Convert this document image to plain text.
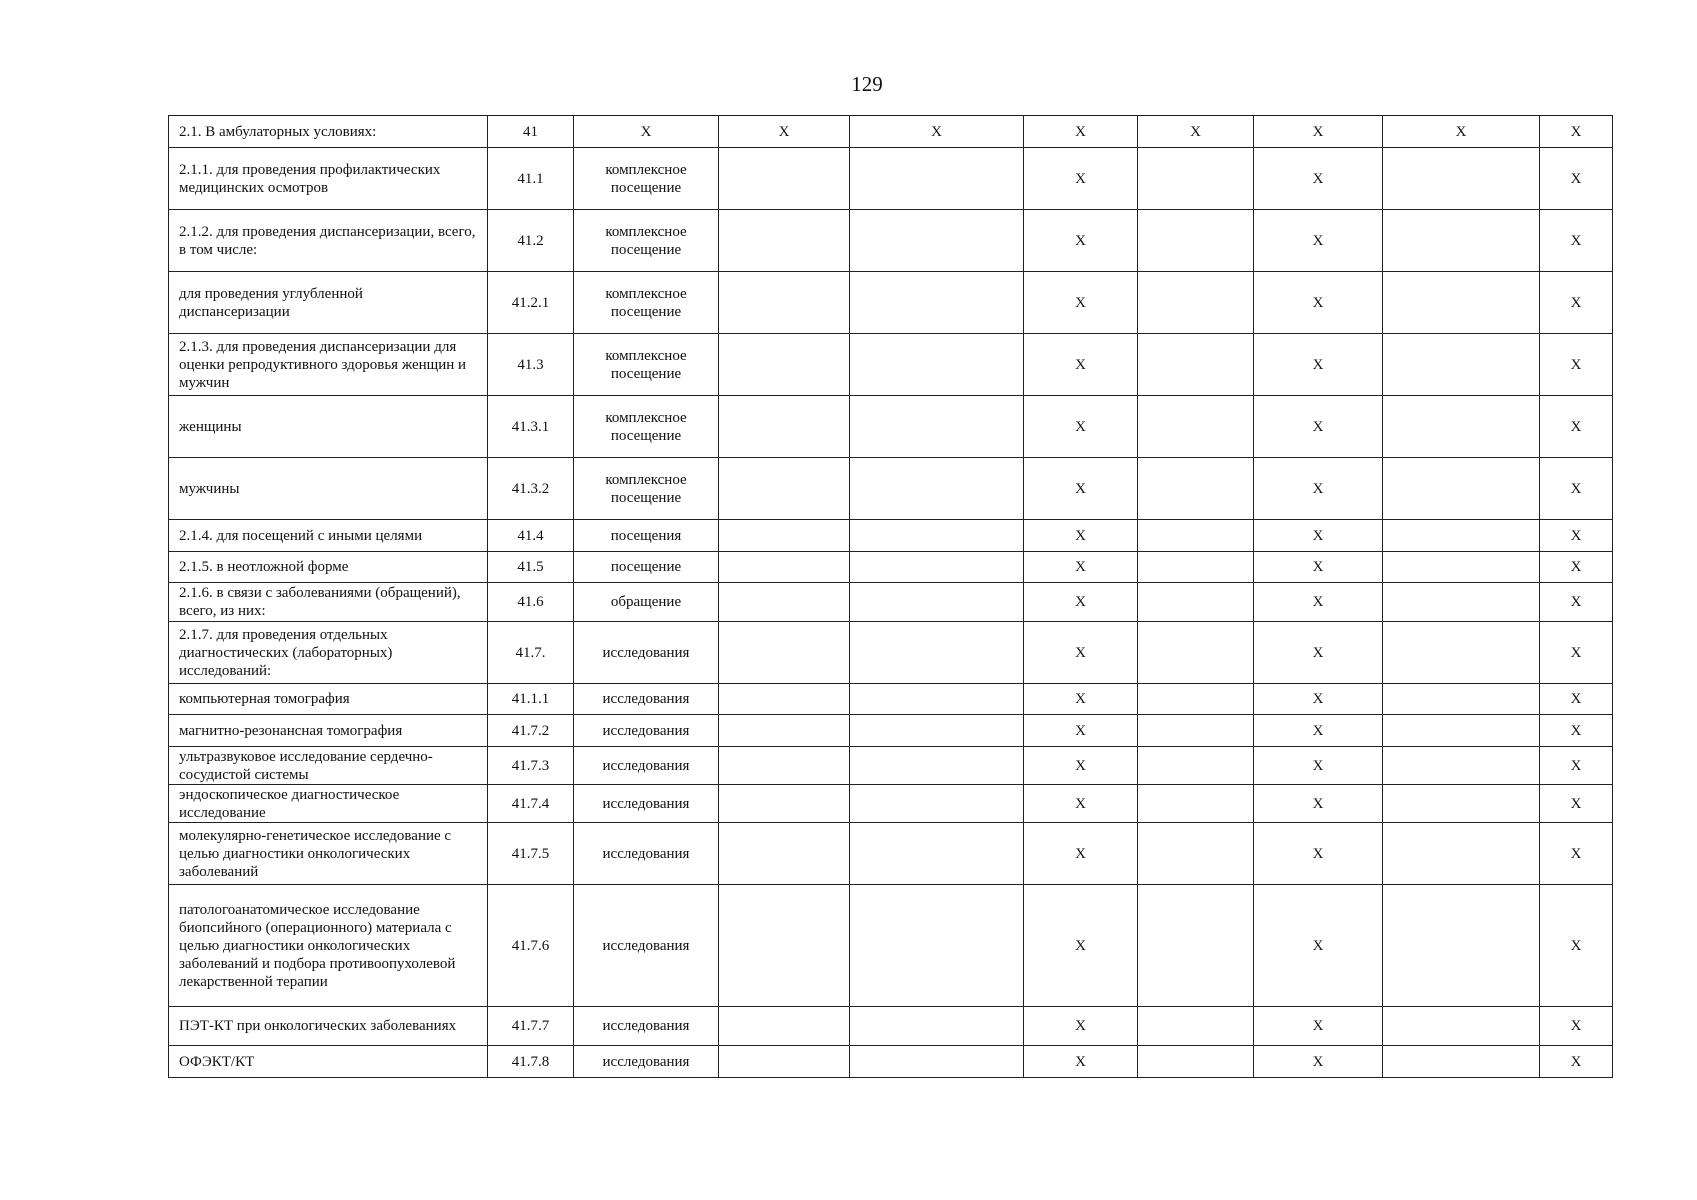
129
2.1. В амбулаторных условиях:	41	Х	Х	Х	Х	Х	Х	Х	Х
2.1.1. для проведения профилактических медицинских осмотров	41.1	комплексное посещение			Х		Х		Х
2.1.2. для проведения диспансеризации, всего, в том числе:	41.2	комплексное посещение			Х		Х		Х
для проведения углубленной диспансеризации	41.2.1	комплексное посещение			Х		Х		Х
2.1.3. для проведения диспансеризации для оценки репродуктивного здоровья женщин и мужчин	41.3	комплексное посещение			Х		Х		Х
женщины	41.3.1	комплексное посещение			Х		Х		Х
мужчины	41.3.2	комплексное посещение			Х		Х		Х
2.1.4. для посещений с иными целями	41.4	посещения			Х		Х		Х
2.1.5. в неотложной форме	41.5	посещение			Х		Х		Х
2.1.6. в связи с заболеваниями (обращений), всего, из них:	41.6	обращение			Х		Х		Х
2.1.7. для проведения отдельных диагностических (лабораторных) исследований:	41.7.	исследования			Х		Х		Х
компьютерная томография	41.1.1	исследования			Х		Х		Х
магнитно-резонансная томография	41.7.2	исследования			Х		Х		Х
ультразвуковое исследование сердечно-сосудистой системы	41.7.3	исследования			Х		Х		Х
эндоскопическое диагностическое исследование	41.7.4	исследования			Х		Х		Х
молекулярно-генетическое исследование с целью диагностики онкологических заболеваний	41.7.5	исследования			Х		Х		Х
патологоанатомическое исследование биопсийного (операционного) материала с целью диагностики онкологических заболеваний и подбора противоопухолевой лекарственной терапии	41.7.6	исследования			Х		Х		Х
ПЭТ-КТ при онкологических заболеваниях	41.7.7	исследования			Х		Х		Х
ОФЭКТ/КТ	41.7.8	исследования			Х		Х		Х
